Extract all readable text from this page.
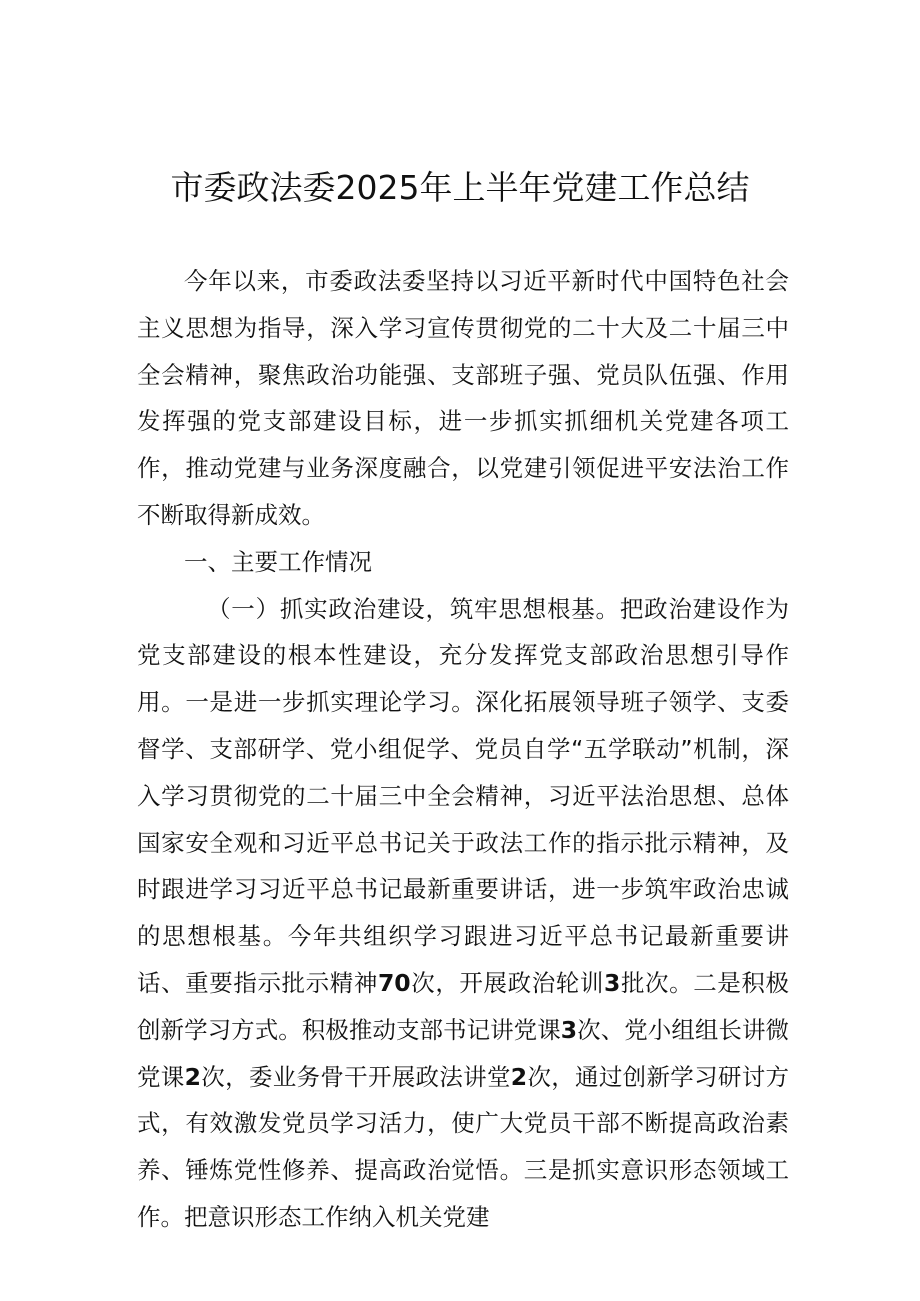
市委政法委2025年上半年党建工作总结

今年以来，市委政法委坚持以习近平新时代中国特色社会主义思想为指导，深入学习宣传贯彻党的二十大及二十届三中全会精神，聚焦政治功能强、支部班子强、党员队伍强、作用发挥强的党支部建设目标，进一步抓实抓细机关党建各项工作，推动党建与业务深度融合，以党建引领促进平安法治工作不断取得新成效。

一、主要工作情况

（一）抓实政治建设，筑牢思想根基。把政治建设作为党支部建设的根本性建设，充分发挥党支部政治思想引导作用。一是进一步抓实理论学习。深化拓展领导班子领学、支委督学、支部研学、党小组促学、党员自学“五学联动”机制，深入学习贯彻党的二十届三中全会精神，习近平法治思想、总体国家安全观和习近平总书记关于政法工作的指示批示精神，及时跟进学习习近平总书记最新重要讲话，进一步筑牢政治忠诚的思想根基。今年共组织学习跟进习近平总书记最新重要讲话、重要指示批示精神70次，开展政治轮训3批次。二是积极创新学习方式。积极推动支部书记讲党课3次、党小组组长讲微党课2次，委业务骨干开展政法讲堂2次，通过创新学习研讨方式，有效激发党员学习活力，使广大党员干部不断提高政治素养、锤炼党性修养、提高政治觉悟。三是抓实意识形态领域工作。把意识形态工作纳入机关党建
